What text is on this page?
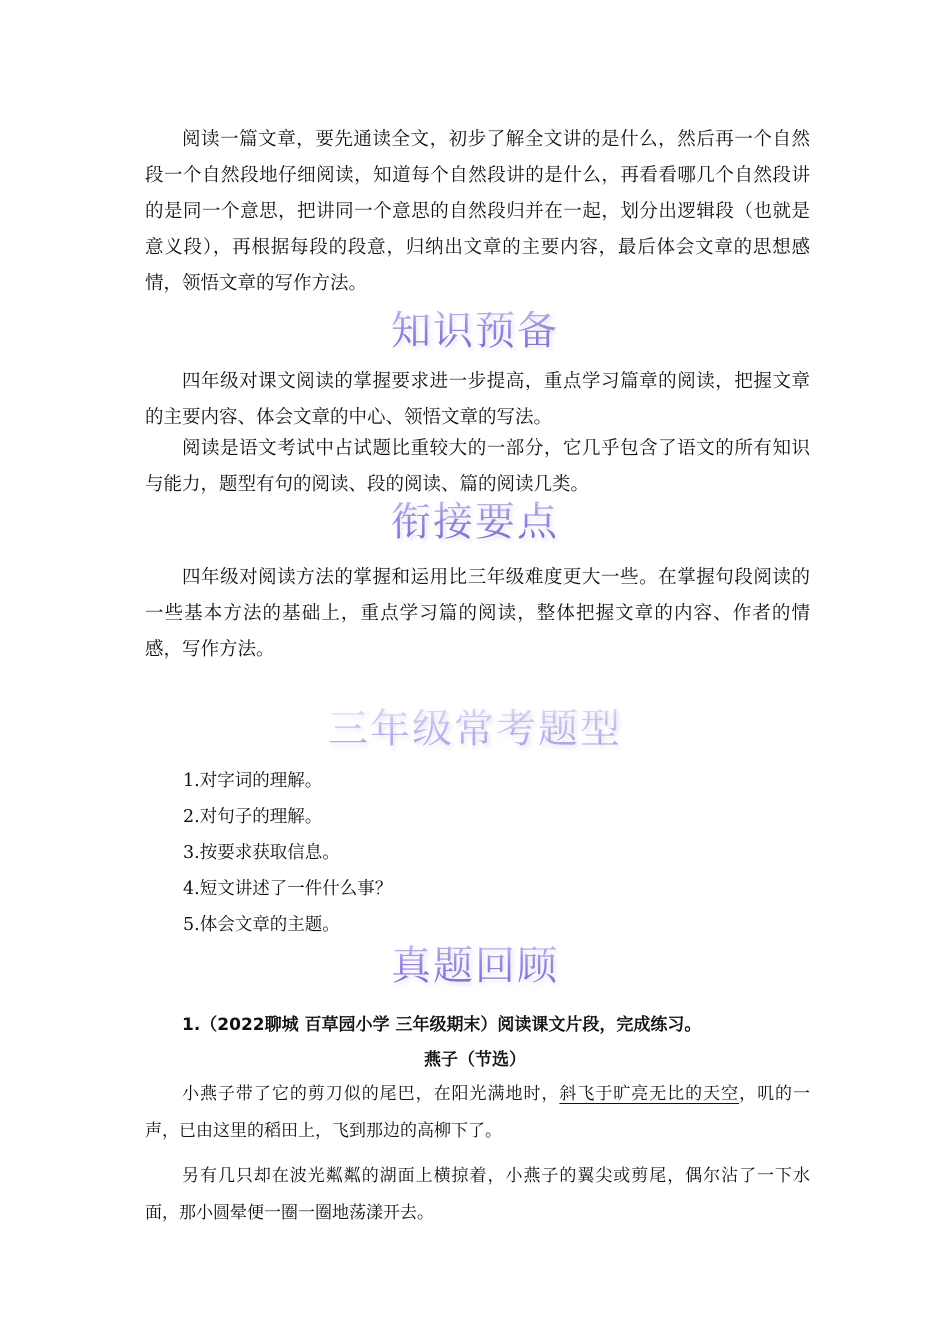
阅读一篇文章，要先通读全文，初步了解全文讲的是什么，然后再一个自然段一个自然段地仔细阅读，知道每个自然段讲的是什么，再看看哪几个自然段讲的是同一个意思，把讲同一个意思的自然段归并在一起，划分出逻辑段（也就是意义段），再根据每段的段意，归纳出文章的主要内容，最后体会文章的思想感情，领悟文章的写作方法。

知识预备

四年级对课文阅读的掌握要求进一步提高，重点学习篇章的阅读，把握文章的主要内容、体会文章的中心、领悟文章的写法。

阅读是语文考试中占试题比重较大的一部分，它几乎包含了语文的所有知识与能力，题型有句的阅读、段的阅读、篇的阅读几类。

衔接要点

四年级对阅读方法的掌握和运用比三年级难度更大一些。在掌握句段阅读的一些基本方法的基础上，重点学习篇的阅读，整体把握文章的内容、作者的情感，写作方法。

三年级常考题型
1.对字词的理解。
2.对句子的理解。
3.按要求获取信息。
4.短文讲述了一件什么事？
5.体会文章的主题。
真题回顾

1.（2022聊城 百草园小学 三年级期末）阅读课文片段，完成练习。

燕子（节选）

小燕子带了它的剪刀似的尾巴，在阳光满地时，斜飞于旷亮无比的天空，叽的一声，已由这里的稻田上，飞到那边的高柳下了。

另有几只却在波光粼粼的湖面上横掠着，小燕子的翼尖或剪尾，偶尔沾了一下水面，那小圆晕便一圈一圈地荡漾开去。
